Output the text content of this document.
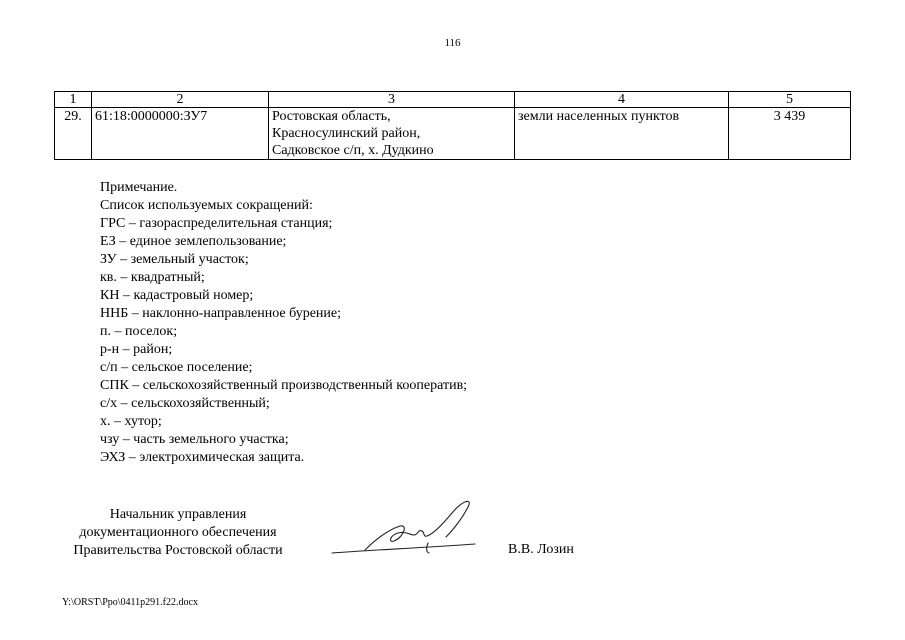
116
1	2	3	4	5
29.	61:18:0000000:ЗУ7	Ростовская область,
Красносулинский район,
Садковское с/п, х. Дудкино	земли населенных пунктов	3 439
Примечание.
Список используемых сокращений:
ГРС – газораспределительная станция;
ЕЗ – единое землепользование;
ЗУ – земельный участок;
кв. – квадратный;
КН – кадастровый номер;
ННБ – наклонно-направленное бурение;
п. – поселок;
р-н – район;
с/п – сельское поселение;
СПК – сельскохозяйственный производственный кооператив;
с/х – сельскохозяйственный;
х. – хутор;
чзу – часть земельного участка;
ЭХЗ – электрохимическая защита.
Начальник управления
документационного обеспечения
Правительства Ростовской области	В.В. Лозин
Y:\ORST\Ppo\0411p291.f22.docx
